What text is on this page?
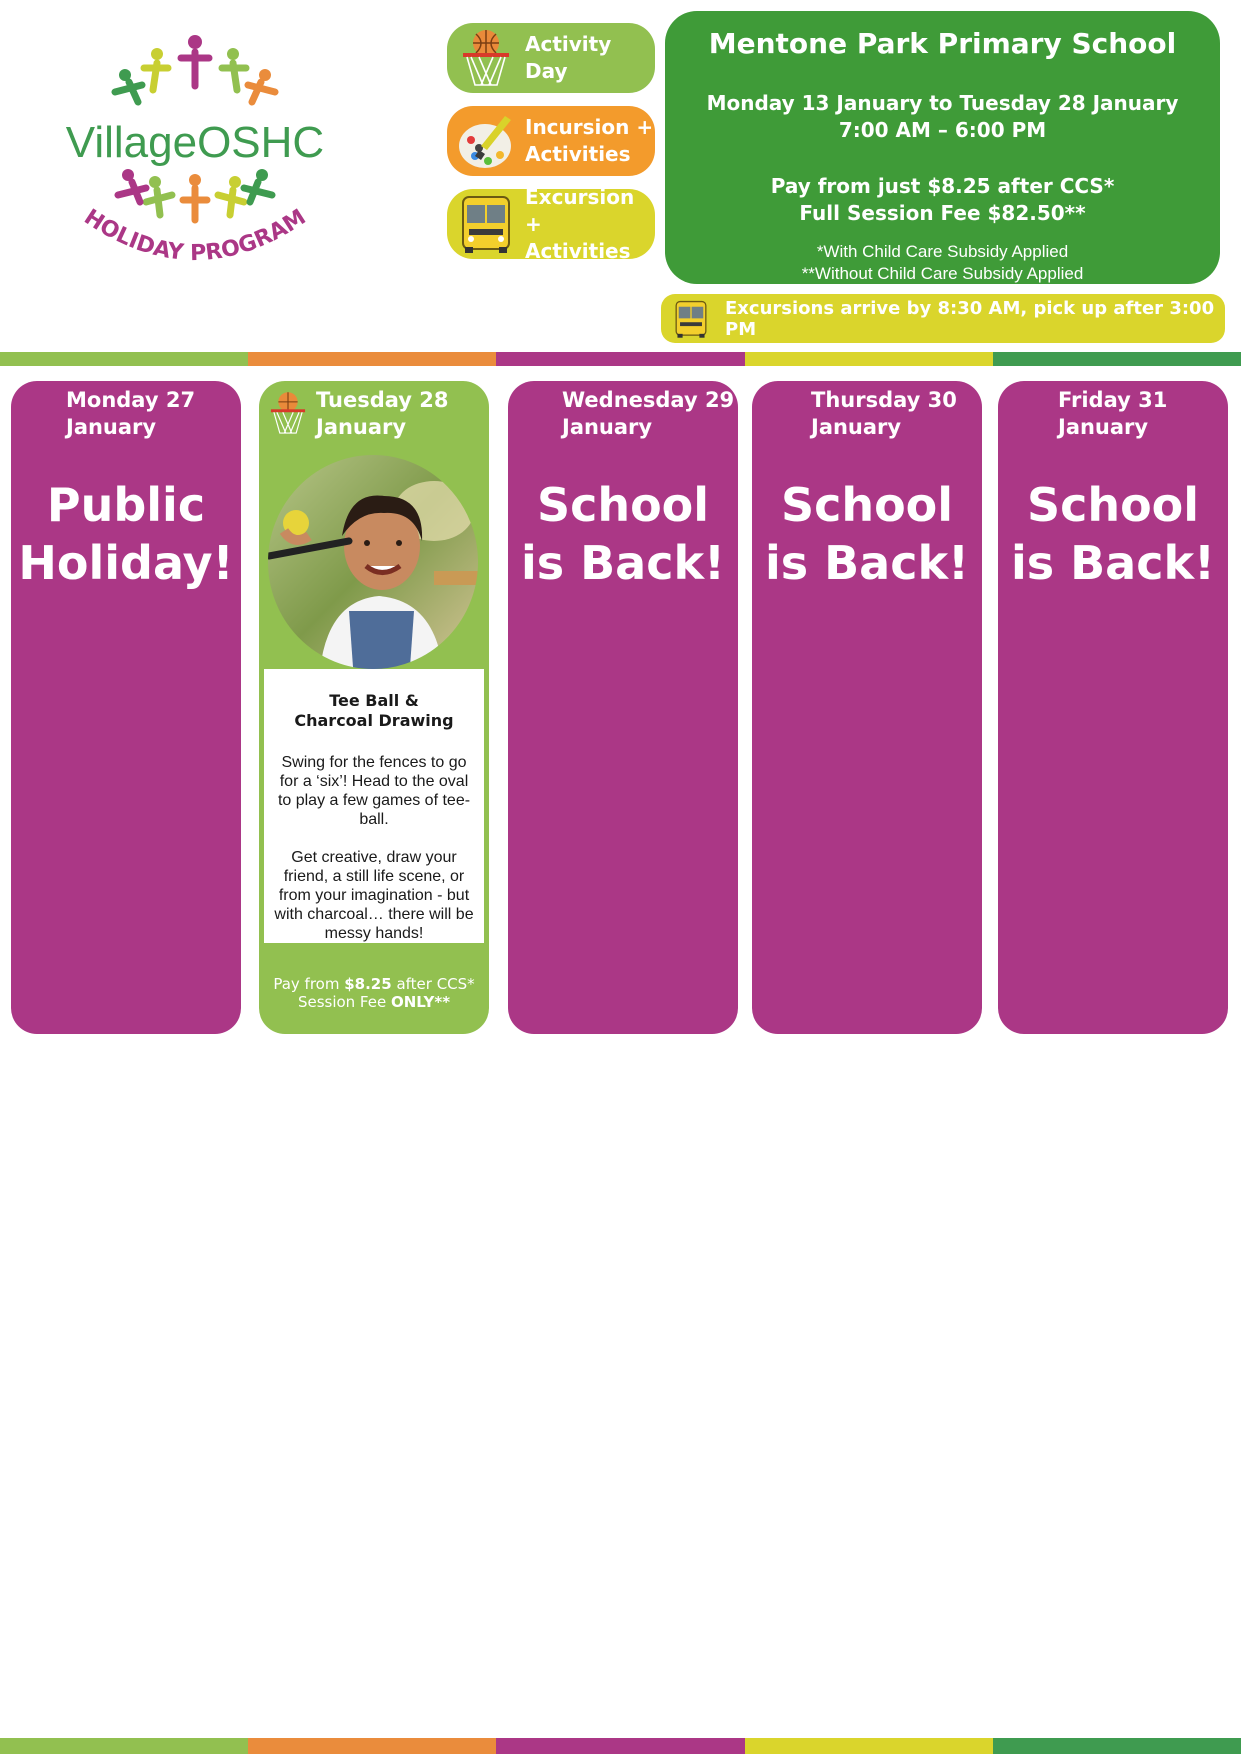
VillageOSHC
HOLIDAY PROGRAM
Activity
Day
Incursion +
Activities
Excursion +
Activities
Mentone Park Primary School
Monday 13 January to Tuesday 28 January
7:00 AM – 6:00 PM
Pay from just $8.25 after CCS*
Full Session Fee $82.50**
*With Child Care Subsidy Applied
**Without Child Care Subsidy Applied
Excursions arrive by 8:30 AM, pick up after 3:00 PM
Monday 27
January
Public
Holiday!
Tuesday 28
January
Tee Ball &
Charcoal Drawing

Swing for the fences to go for a ‘six’! Head to the oval to play a few games of tee-ball.

Get creative, draw your friend, a still life scene, or from your imagination - but with charcoal… there will be messy hands!

Pay from $8.25 after CCS*
Session Fee ONLY**
Wednesday 29
January
School
is Back!
Thursday 30
January
School
is Back!
Friday 31
January
School
is Back!
